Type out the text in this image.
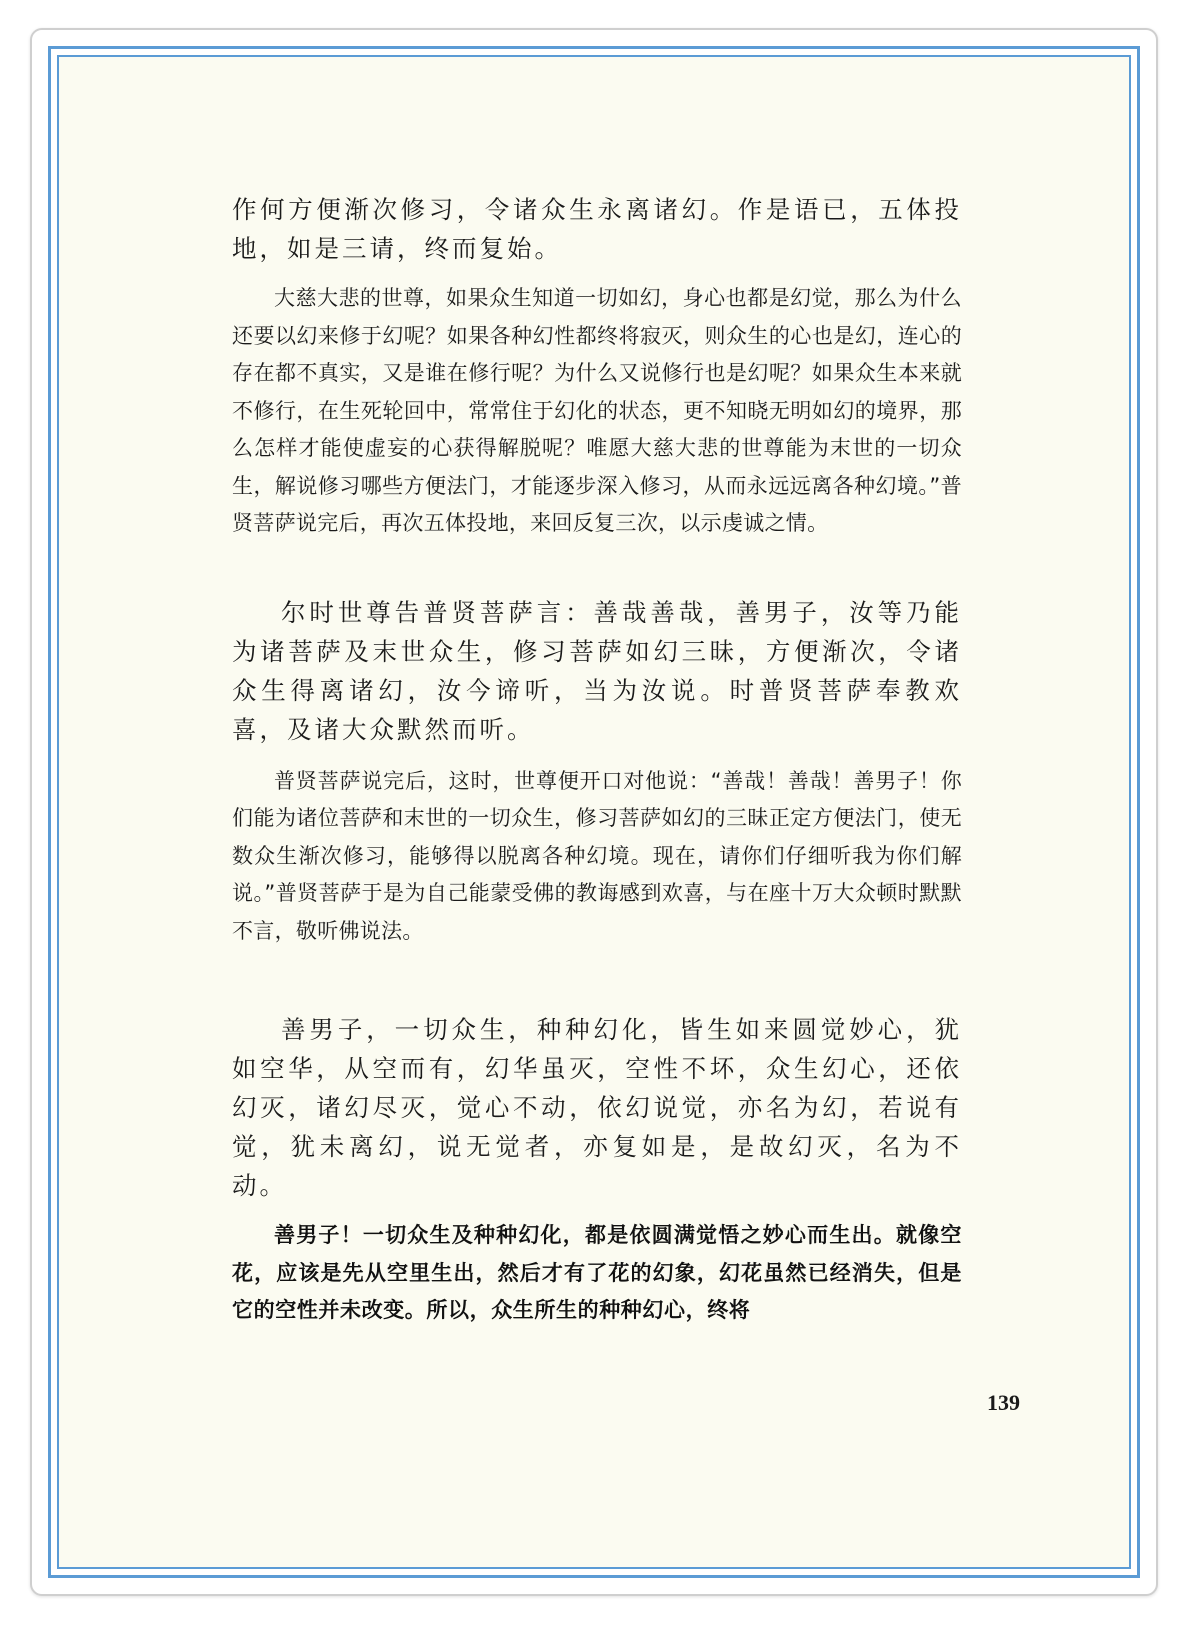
作何方便渐次修习，令诸众生永离诸幻。作是语已，五体投地，如是三请，终而复始。

大慈大悲的世尊，如果众生知道一切如幻，身心也都是幻觉，那么为什么还要以幻来修于幻呢？如果各种幻性都终将寂灭，则众生的心也是幻，连心的存在都不真实，又是谁在修行呢？为什么又说修行也是幻呢？如果众生本来就不修行，在生死轮回中，常常住于幻化的状态，更不知晓无明如幻的境界，那么怎样才能使虚妄的心获得解脱呢？唯愿大慈大悲的世尊能为末世的一切众生，解说修习哪些方便法门，才能逐步深入修习，从而永远远离各种幻境。”普贤菩萨说完后，再次五体投地，来回反复三次，以示虔诚之情。

尔时世尊告普贤菩萨言：善哉善哉，善男子，汝等乃能为诸菩萨及末世众生，修习菩萨如幻三昧，方便渐次，令诸众生得离诸幻，汝今谛听，当为汝说。时普贤菩萨奉教欢喜，及诸大众默然而听。

普贤菩萨说完后，这时，世尊便开口对他说：“善哉！善哉！善男子！你们能为诸位菩萨和末世的一切众生，修习菩萨如幻的三昧正定方便法门，使无数众生渐次修习，能够得以脱离各种幻境。现在，请你们仔细听我为你们解说。”普贤菩萨于是为自己能蒙受佛的教诲感到欢喜，与在座十万大众顿时默默不言，敬听佛说法。

善男子，一切众生，种种幻化，皆生如来圆觉妙心，犹如空华，从空而有，幻华虽灭，空性不坏，众生幻心，还依幻灭，诸幻尽灭，觉心不动，依幻说觉，亦名为幻，若说有觉，犹未离幻，说无觉者，亦复如是，是故幻灭，名为不动。

善男子！一切众生及种种幻化，都是依圆满觉悟之妙心而生出。就像空花，应该是先从空里生出，然后才有了花的幻象，幻花虽然已经消失，但是它的空性并未改变。所以，众生所生的种种幻心，终将

139
